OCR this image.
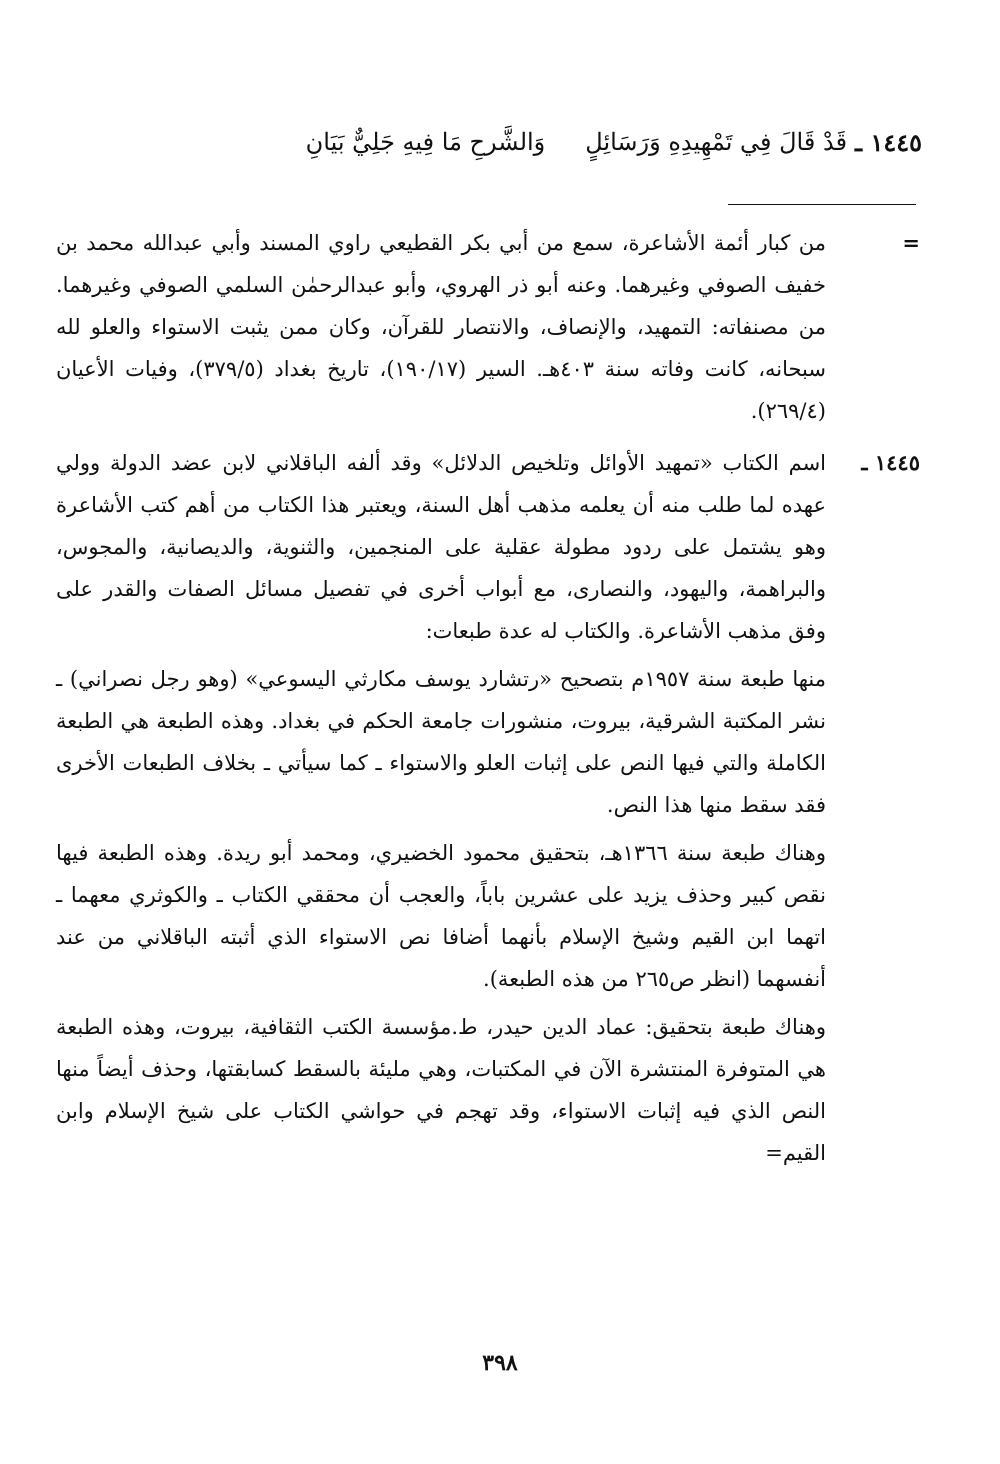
١٤٤٥ ـ
قَدْ قَالَ فِي تَمْهِيدِهِ وَرَسَائِلٍ
وَالشَّرحِ مَا فِيهِ جَلِيٌّ بَيَانِ
=

من كبار أئمة الأشاعرة، سمع من أبي بكر القطيعي راوي المسند وأبي عبدالله محمد بن خفيف الصوفي وغيرهما. وعنه أبو ذر الهروي، وأبو عبدالرحمٰن السلمي الصوفي وغيرهما. من مصنفاته: التمهيد، والإنصاف، والانتصار للقرآن، وكان ممن يثبت الاستواء والعلو لله سبحانه، كانت وفاته سنة ٤٠٣هـ. السير (١٩٠/١٧)، تاريخ بغداد (٣٧٩/٥)، وفيات الأعيان (٢٦٩/٤).

١٤٤٥ ـ

اسم الكتاب «تمهيد الأوائل وتلخيص الدلائل» وقد ألفه الباقلاني لابن عضد الدولة وولي عهده لما طلب منه أن يعلمه مذهب أهل السنة، ويعتبر هذا الكتاب من أهم كتب الأشاعرة وهو يشتمل على ردود مطولة عقلية على المنجمين، والثنوية، والديصانية، والمجوس، والبراهمة، واليهود، والنصارى، مع أبواب أخرى في تفصيل مسائل الصفات والقدر على وفق مذهب الأشاعرة. والكتاب له عدة طبعات:

منها طبعة سنة ١٩٥٧م بتصحيح «رتشارد يوسف مكارثي اليسوعي» (وهو رجل نصراني) ـ نشر المكتبة الشرقية، بيروت، منشورات جامعة الحكم في بغداد. وهذه الطبعة هي الطبعة الكاملة والتي فيها النص على إثبات العلو والاستواء ـ كما سيأتي ـ بخلاف الطبعات الأخرى فقد سقط منها هذا النص.

وهناك طبعة سنة ١٣٦٦هـ، بتحقيق محمود الخضيري، ومحمد أبو ريدة. وهذه الطبعة فيها نقص كبير وحذف يزيد على عشرين باباً، والعجب أن محققي الكتاب ـ والكوثري معهما ـ اتهما ابن القيم وشيخ الإسلام بأنهما أضافا نص الاستواء الذي أثبته الباقلاني من عند أنفسهما (انظر ص٢٦٥ من هذه الطبعة).

وهناك طبعة بتحقيق: عماد الدين حيدر، ط.مؤسسة الكتب الثقافية، بيروت، وهذه الطبعة هي المتوفرة المنتشرة الآن في المكتبات، وهي مليئة بالسقط كسابقتها، وحذف أيضاً منها النص الذي فيه إثبات الاستواء، وقد تهجم في حواشي الكتاب على شيخ الإسلام وابن القيم=

٣٩٨
